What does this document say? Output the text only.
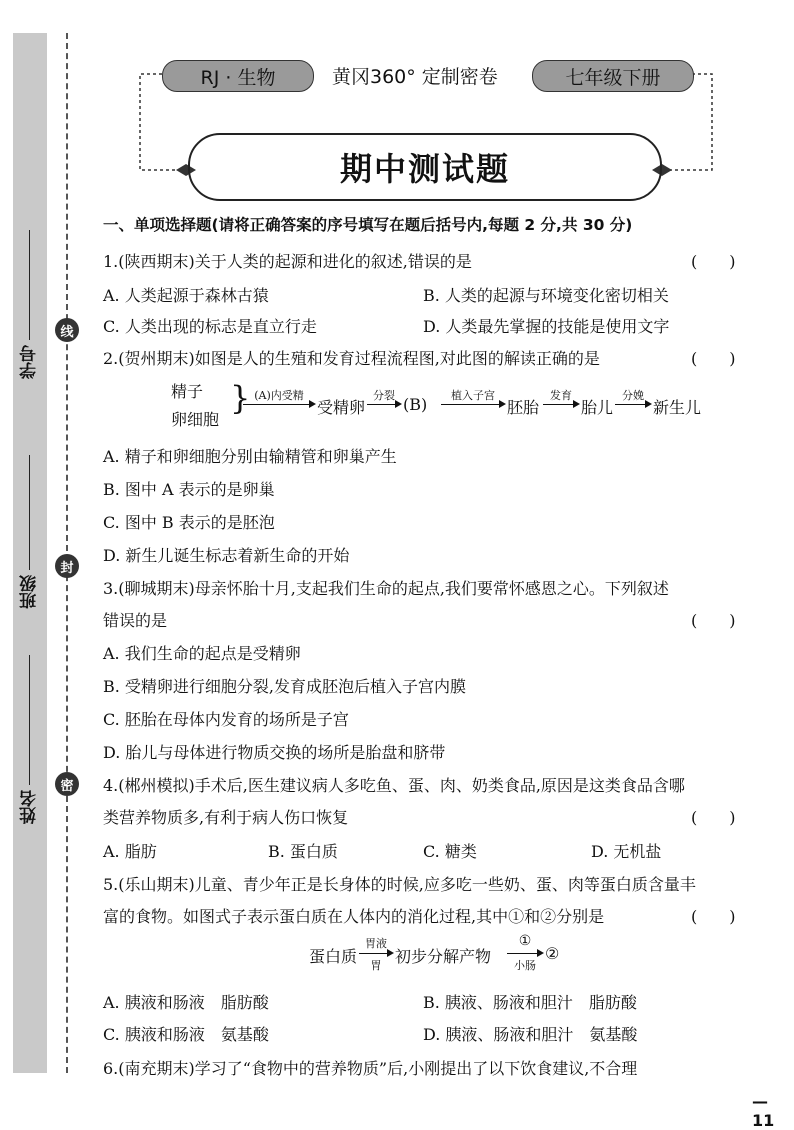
学号
班级
姓名
线
封
密
RJ · 生物	黄冈360° 定制密卷	七年级下册
期中测试题
一、单项选择题(请将正确答案的序号填写在题后括号内,每题 2 分,共 30 分)
1.(陕西期末)关于人类的起源和进化的叙述,错误的是	(　　)
A. 人类起源于森林古猿	B. 人类的起源与环境变化密切相关
C. 人类出现的标志是直立行走	D. 人类最先掌握的技能是使用文字
2.(贺州期末)如图是人的生殖和发育过程流程图,对此图的解读正确的是	(　　)
精子
卵细胞
} (A)内受精
受精卵
分裂 (B)	植入子宫
胚胎
发育
胎儿
分娩
新生儿
A. 精子和卵细胞分别由输精管和卵巢产生
B. 图中 A 表示的是卵巢
C. 图中 B 表示的是胚泡
D. 新生儿诞生标志着新生命的开始
3.(聊城期末)母亲怀胎十月,支起我们生命的起点,我们要常怀感恩之心。下列叙述
错误的是	(　　)
A. 我们生命的起点是受精卵
B. 受精卵进行细胞分裂,发育成胚泡后植入子宫内膜
C. 胚胎在母体内发育的场所是子宫
D. 胎儿与母体进行物质交换的场所是胎盘和脐带
4.(郴州模拟)手术后,医生建议病人多吃鱼、蛋、肉、奶类食品,原因是这类食品含哪
类营养物质多,有利于病人伤口恢复	(　　)
A. 脂肪	B. 蛋白质	C. 糖类	D. 无机盐
5.(乐山期末)儿童、青少年正是长身体的时候,应多吃一些奶、蛋、肉等蛋白质含量丰
富的食物。如图式子表示蛋白质在人体内的消化过程,其中①和②分别是	(　　)
蛋白质
胃液
胃 初步分解产物
①
小肠
②
A. 胰液和肠液　脂肪酸	B. 胰液、肠液和胆汁　脂肪酸
C. 胰液和肠液　氨基酸	D. 胰液、肠液和胆汁　氨基酸
6.(南充期末)学习了“食物中的营养物质”后,小刚提出了以下饮食建议,不合理
— 11
